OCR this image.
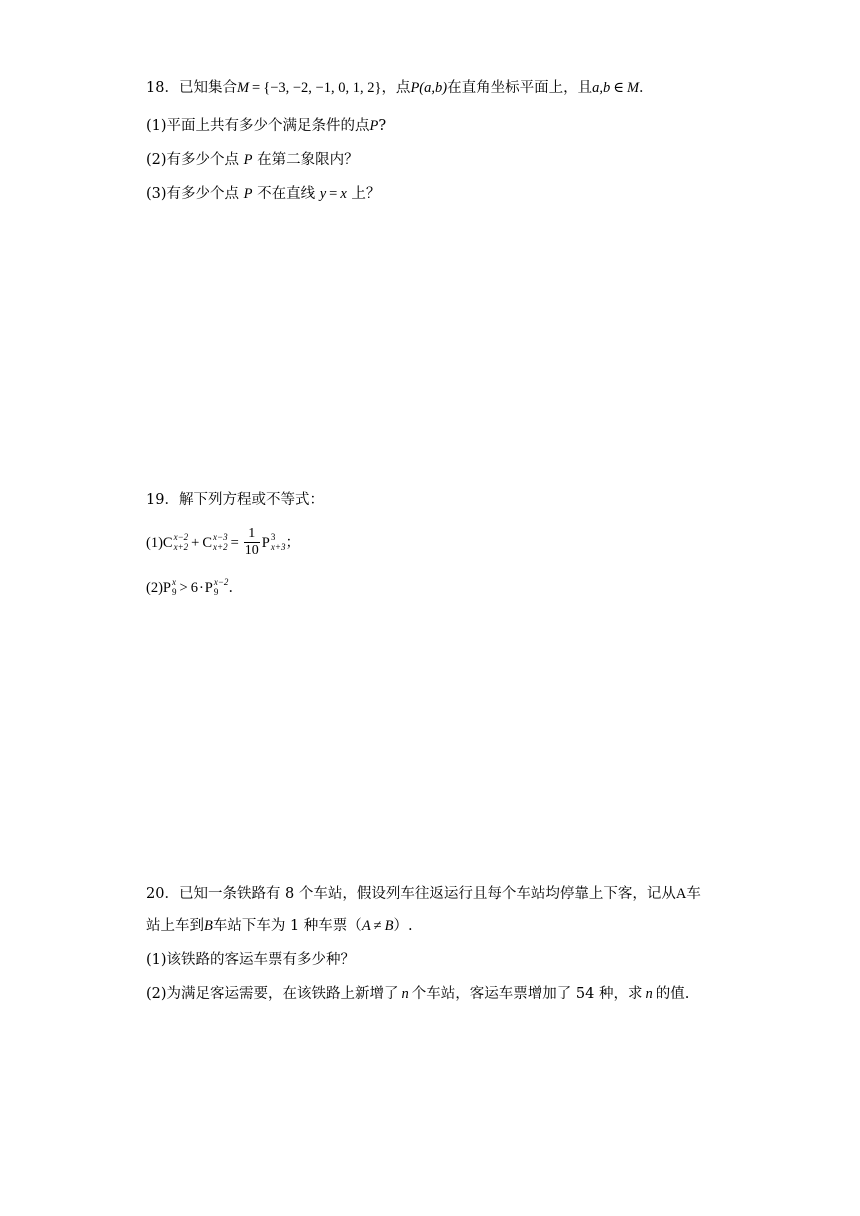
18．已知集合M = {−3, −2, −1, 0, 1, 2}，点P(a,b)在直角坐标平面上，且a,b ∈ M．
(1)平面上共有多少个满足条件的点P?
(2)有多少个点 P 在第二象限内？
(3)有多少个点 P 不在直线 y = x 上？
19．解下列方程或不等式：
(1)C x−2
x+2 + C x−3
$x+2 = \frac{1}{10}$ P 3
x+3 ；
(2)P x
9 > 6·P x−2
9 ．
20．已知一条铁路有 8 个车站，假设列车往返运行且每个车站均停靠上下客，记从A车
站上车到B车站下车为 1 种车票（A ≠ B）.
(1)该铁路的客运车票有多少种？
(2)为满足客运需要，在该铁路上新增了 n 个车站，客运车票增加了 54 种，求 n 的值.
